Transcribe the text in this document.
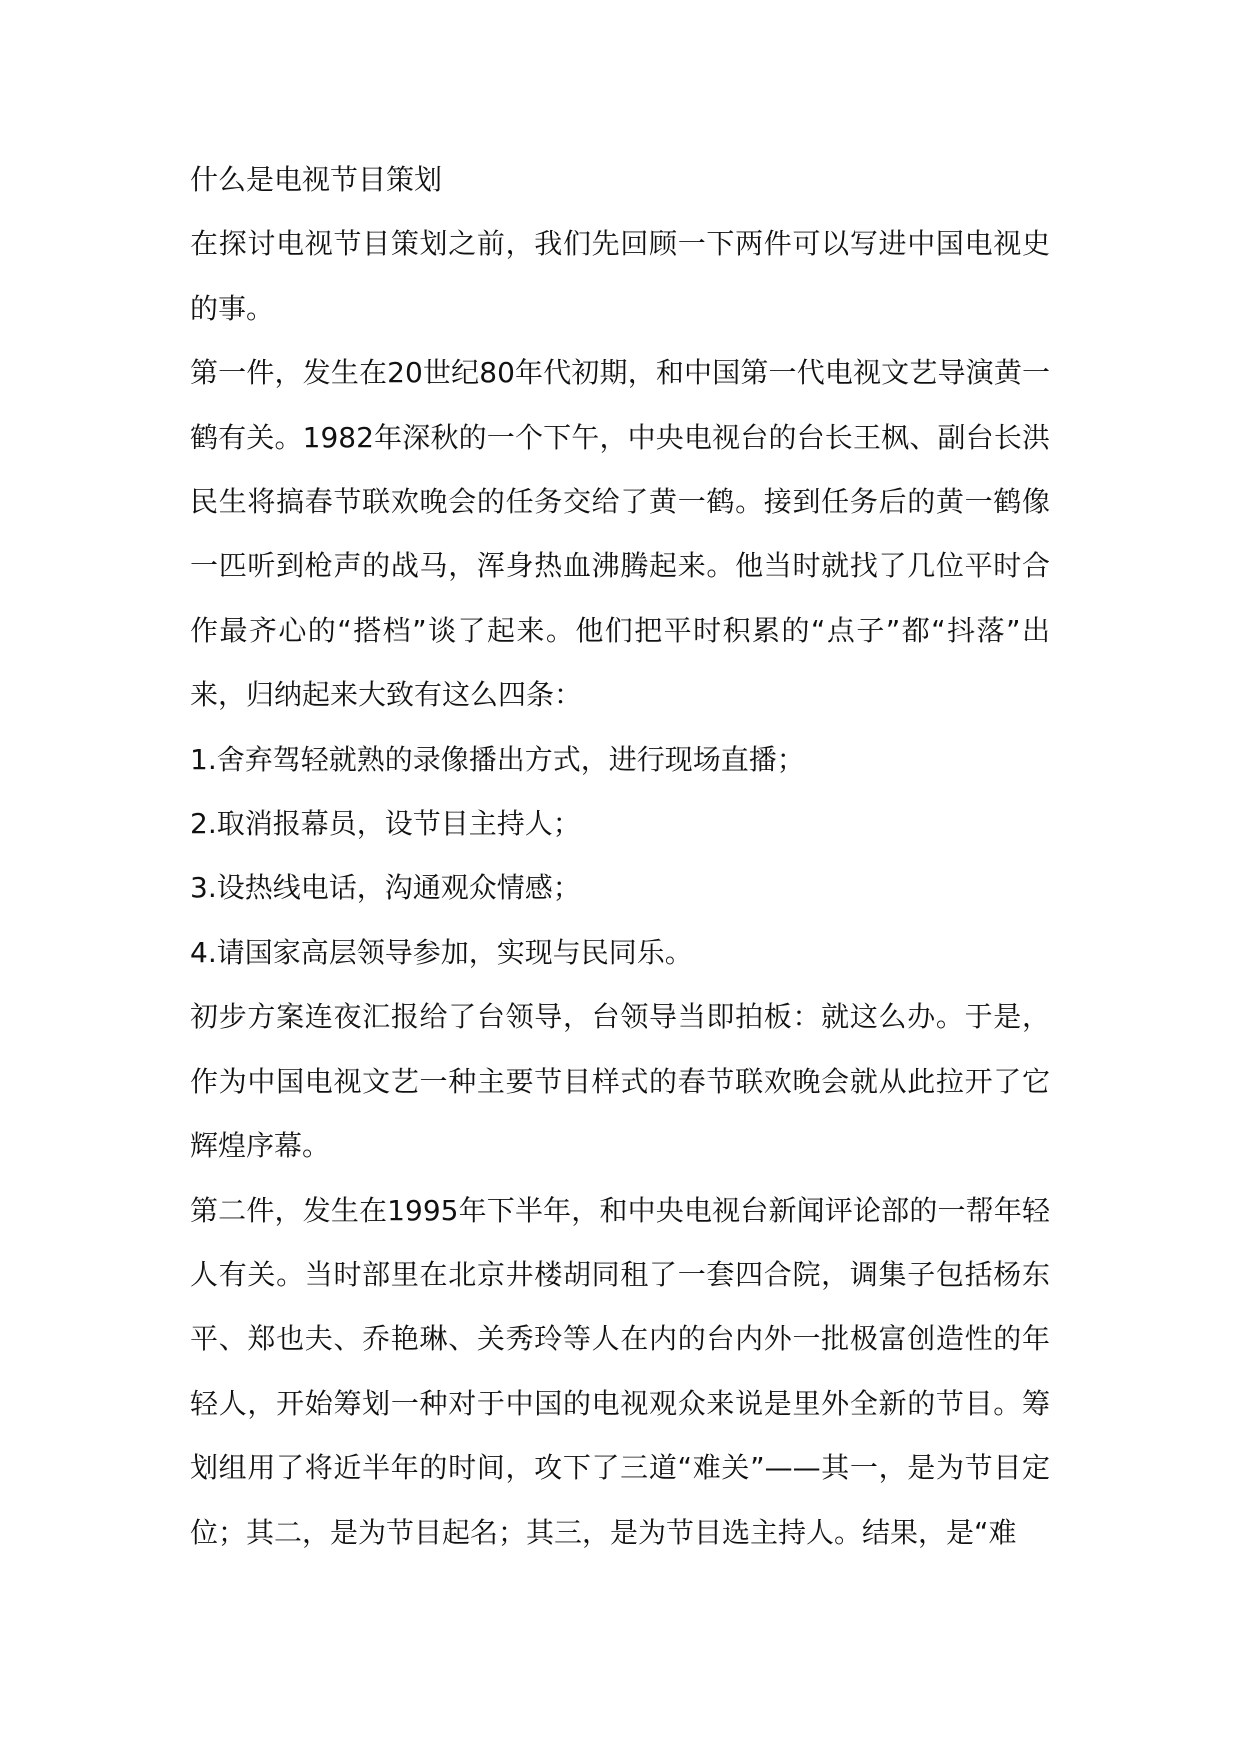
什么是电视节目策划

在探讨电视节目策划之前，我们先回顾一下两件可以写进中国电视史的事。

第一件，发生在20世纪80年代初期，和中国第一代电视文艺导演黄一鹤有关。1982年深秋的一个下午，中央电视台的台长王枫、副台长洪民生将搞春节联欢晚会的任务交给了黄一鹤。接到任务后的黄一鹤像一匹听到枪声的战马，浑身热血沸腾起来。他当时就找了几位平时合作最齐心的“搭档”谈了起来。他们把平时积累的“点子”都“抖落”出来，归纳起来大致有这么四条：

1.舍弃驾轻就熟的录像播出方式，进行现场直播；

2.取消报幕员，设节目主持人；

3.设热线电话，沟通观众情感；

4.请国家高层领导参加，实现与民同乐。

初步方案连夜汇报给了台领导，台领导当即拍板：就这么办。于是，作为中国电视文艺一种主要节目样式的春节联欢晚会就从此拉开了它辉煌序幕。

第二件，发生在1995年下半年，和中央电视台新闻评论部的一帮年轻人有关。当时部里在北京井楼胡同租了一套四合院，调集子包括杨东平、郑也夫、乔艳琳、关秀玲等人在内的台内外一批极富创造性的年轻人，开始筹划一种对于中国的电视观众来说是里外全新的节目。筹划组用了将近半年的时间，攻下了三道“难关”——其一，是为节目定位；其二，是为节目起名；其三，是为节目选主持人。结果，是“难
